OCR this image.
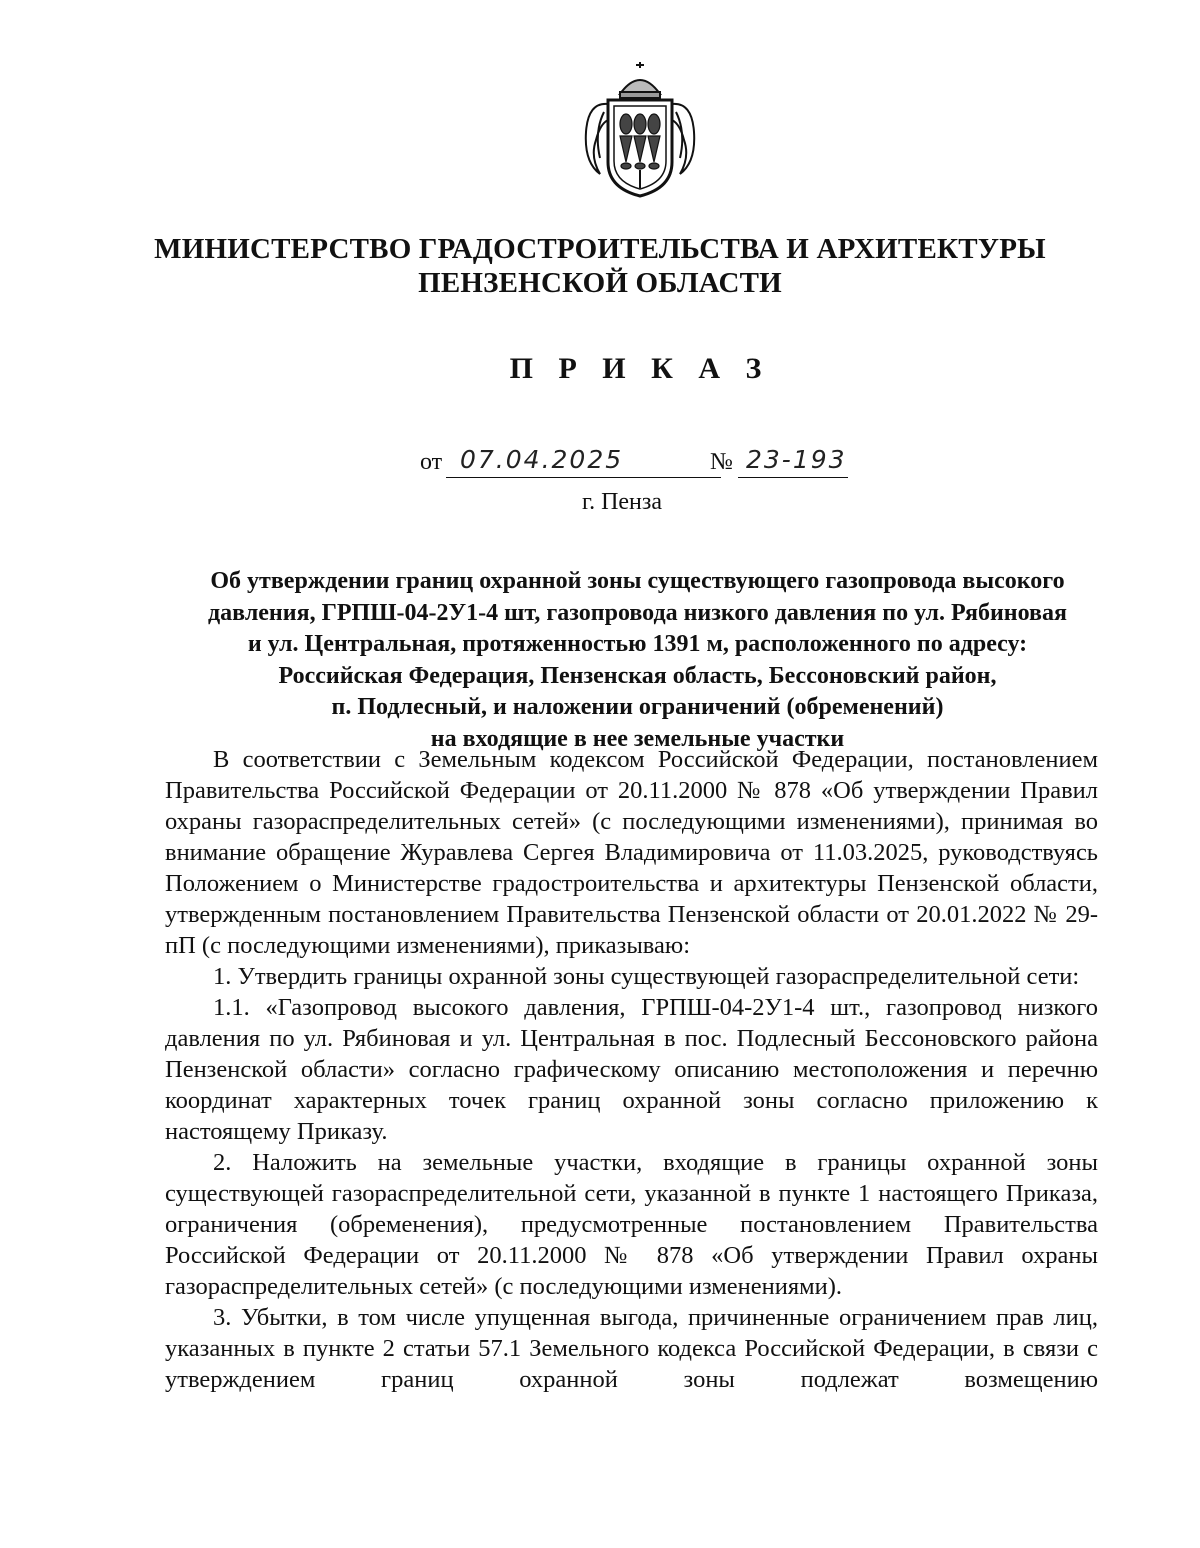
МИНИСТЕРСТВО ГРАДОСТРОИТЕЛЬСТВА И АРХИТЕКТУРЫ
ПЕНЗЕНСКОЙ ОБЛАСТИ
П Р И К А З
от 07.04.2025	№ 23-193
г. Пенза
Об утверждении границ охранной зоны существующего газопровода высокого
давления, ГРПШ-04-2У1-4 шт, газопровода низкого давления по ул. Рябиновая
и ул. Центральная, протяженностью 1391 м, расположенного по адресу:
Российская Федерация, Пензенская область, Бессоновский район,
п. Подлесный, и наложении ограничений (обременений)
на входящие в нее земельные участки

В соответствии с Земельным кодексом Российской Федерации, постановлением Правительства Российской Федерации от 20.11.2000 № 878 «Об утверждении Правил охраны газораспределительных сетей» (с последующими изменениями), принимая во внимание обращение Журавлева Сергея Владимировича от 11.03.2025, руководствуясь Положением о Министерстве градостроительства и архитектуры Пензенской области, утвержденным постановлением Правительства Пензенской области от 20.01.2022 № 29-пП (с последующими изменениями), приказываю:

1. Утвердить границы охранной зоны существующей газораспределительной сети:

1.1. «Газопровод высокого давления, ГРПШ-04-2У1-4 шт., газопровод низкого давления по ул. Рябиновая и ул. Центральная в пос. Подлесный Бессоновского района Пензенской области» согласно графическому описанию местоположения и перечню координат характерных точек границ охранной зоны согласно приложению к настоящему Приказу.

2. Наложить на земельные участки, входящие в границы охранной зоны существующей газораспределительной сети, указанной в пункте 1 настоящего Приказа, ограничения (обременения), предусмотренные постановлением Правительства Российской Федерации от 20.11.2000 № 878 «Об утверждении Правил охраны газораспределительных сетей» (с последующими изменениями).

3. Убытки, в том числе упущенная выгода, причиненные ограничением прав лиц, указанных в пункте 2 статьи 57.1 Земельного кодекса Российской Федерации, в связи с утверждением границ охранной зоны подлежат возмещению
